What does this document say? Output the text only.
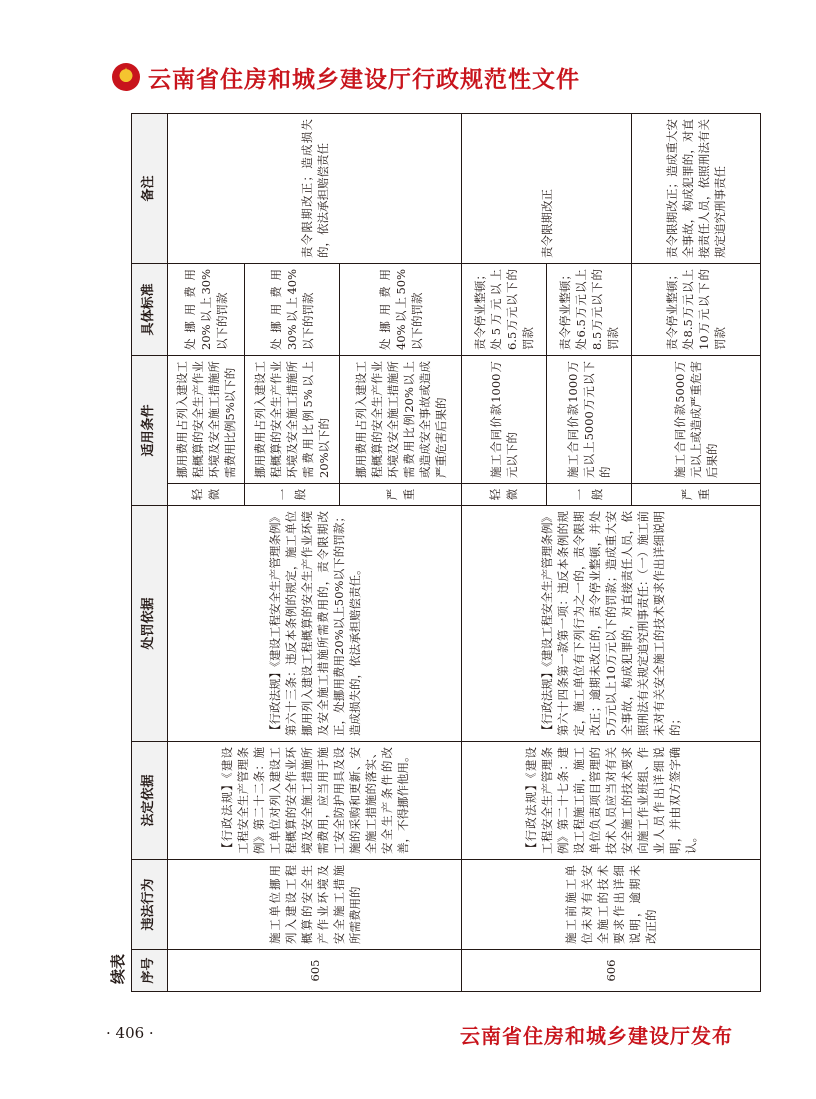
★
云南省住房和城乡建设厅行政规范性文件
续表 序号	违法行为	法定依据	处罚依据	适用条件		具体标准	备注
605	施工单位挪用列入建设工程概算的安全生产作业环境及安全施工措施所需费用的	【行政法规】《建设工程安全生产管理条例》第二十二条：施工单位对列入建设工程概算的安全作业环境及安全施工措施所需费用，应当用于施工安全防护用具及设施的采购和更新、安全施工措施的落实、安全生产条件的改善，不得挪作他用。	【行政法规】《建设工程安全生产管理条例》第六十三条：违反本条例的规定，施工单位挪用列入建设工程概算的安全生产作业环境及安全施工措施所需费用的，责令限期改正，处挪用费用20%以上50%以下的罚款；造成损失的，依法承担赔偿责任。	轻微	挪用费用占列入建设工程概算的安全生产作业环境及安全施工措施所需费用比例5%以下的	处挪用费用20%以上30%以下的罚款	责令限期改正；造成损失的，依法承担赔偿责任
				一般	挪用费用占列入建设工程概算的安全生产作业环境及安全施工措施所需费用比例5%以上20%以下的	处挪用费用30%以上40%以下的罚款	
				严重	挪用费用占列入建设工程概算的安全生产作业环境及安全施工措施所需费用比例20%以上或造成安全事故或造成严重危害后果的	处挪用费用40%以上50%以下的罚款	
606	施工前施工单位未对有关安全施工的技术要求作出详细说明，逾期未改正的	【行政法规】《建设工程安全生产管理条例》第二十七条：建设工程施工前，施工单位负责项目管理的技术人员应当对有关安全施工的技术要求向施工作业班组、作业人员作出详细说明，并由双方签字确认。	【行政法规】《建设工程安全生产管理条例》第六十四条第一款第一项：违反本条例的规定，施工单位有下列行为之一的，责令限期改正；逾期未改正的，责令停业整顿，并处5万元以上10万元以下的罚款；造成重大安全事故，构成犯罪的，对直接责任人员，依照刑法有关规定追究刑事责任：（一）施工前未对有关安全施工的技术要求作出详细说明的；	轻微	施工合同价款1000万元以下的	责令停业整顿；处5万元以上6.5万元以下的罚款	责令限期改正
				一般	施工合同价款1000万元以上5000万元以下的	责令停业整顿；处6.5万元以上8.5万元以下的罚款	
				严重	施工合同价款5000万元以上或造成严重危害后果的	责令停业整顿；处8.5万元以上10万元以下的罚款	责令限期改正；造成重大安全事故，构成犯罪的，对直接责任人员，依照刑法有关规定追究刑事责任
· 406 ·	云南省住房和城乡建设厅发布
